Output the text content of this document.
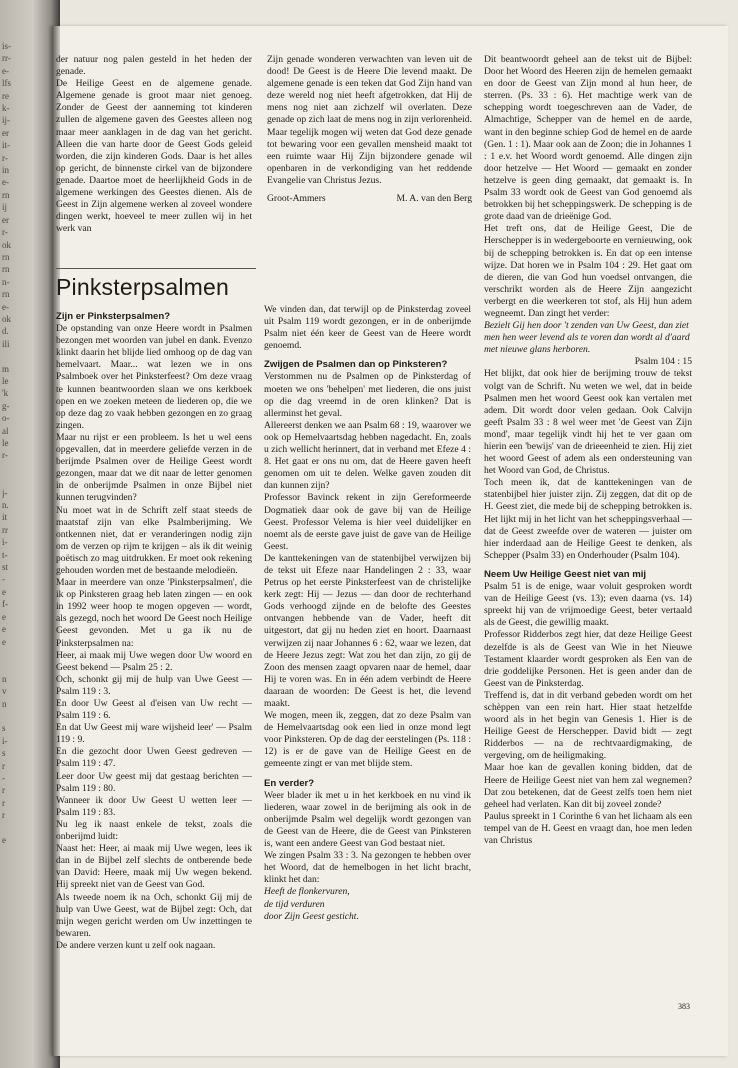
is-
rr-
e-
lfs
re
k-
ij-
er
it-
r-
in
e-
rn
ij
er
r-
ok
rn
rn
n-
rn
e-
ok
d.
ili

m
le
'k
g-
o-
al
le
r-

j-
n.
it
rr
i-
t-
st
-
e
f-
e
e
e

n
v
n

s
i-
s
r
-
r
r
r

e

der natuur nog palen gesteld in het heden der genade.

De Heilige Geest en de algemene genade. Algemene genade is groot maar niet genoeg. Zonder de Geest der aanneming tot kinderen zullen de algemene gaven des Geestes alleen nog maar meer aanklagen in de dag van het gericht. Alleen die van harte door de Geest Gods geleid worden, die zijn kinderen Gods. Daar is het alles op gericht, de binnenste cirkel van de bijzondere genade. Daartoe moet de heerlijkheid Gods in de algemene werkingen des Geestes dienen. Als de Geest in Zijn algemene werken al zoveel wondere dingen werkt, hoeveel te meer zullen wij in het werk van

Zijn genade wonderen verwachten van leven uit de dood! De Geest is de Heere Die levend maakt. De algemene genade is een teken dat God Zijn hand van deze wereld nog niet heeft afgetrokken, dat Hij de mens nog niet aan zichzelf wil overlaten. Deze genade op zich laat de mens nog in zijn verlorenheid. Maar tegelijk mogen wij weten dat God deze genade tot bewaring voor een gevallen mensheid maakt tot een ruimte waar Hij Zijn bijzondere genade wil openbaren in de verkondiging van het reddende Evangelie van Christus Jezus.

Groot-Ammers	M. A. van den Berg
Pinksterpsalmen

Zijn er Pinksterpsalmen?

De opstanding van onze Heere wordt in Psalmen bezongen met woorden van jubel en dank. Evenzo klinkt daarin het blijde lied omhoog op de dag van hemelvaart. Maar... wat lezen we in ons Psalmboek over het Pinksterfeest? Om deze vraag te kunnen beantwoorden slaan we ons kerkboek open en we zoeken meteen de liederen op, die we op deze dag zo vaak hebben gezongen en zo graag zingen.

Maar nu rijst er een probleem. Is het u wel eens opgevallen, dat in meerdere geliefde verzen in de berijmde Psalmen over de Heilige Geest wordt gezongen, maar dat we dit naar de letter genomen in de onberijmde Psalmen in onze Bijbel niet kunnen terugvinden?

Nu moet wat in de Schrift zelf staat steeds de maatstaf zijn van elke Psalmberijming. We ontkennen niet, dat er veranderingen nodig zijn om de verzen op rijm te krijgen – als ik dit weinig poëtisch zo mag uitdrukken. Er moet ook rekening gehouden worden met de bestaande melodieën.

Maar in meerdere van onze 'Pinksterpsalmen', die ik op Pinksteren graag heb laten zingen — en ook in 1992 weer hoop te mogen opgeven — wordt, als gezegd, noch het woord De Geest noch Heilige Geest gevonden. Met u ga ik nu de Pinksterpsalmen na:

Heer, ai maak mij Uwe wegen door Uw woord en Geest bekend — Psalm 25 : 2.

Och, schonkt gij mij de hulp van Uwe Geest — Psalm 119 : 3.

En door Uw Geest al d'eisen van Uw recht — Psalm 119 : 6.

En dat Uw Geest mij ware wijsheid leer' — Psalm 119 : 9.

En die gezocht door Uwen Geest gedreven — Psalm 119 : 47.

Leer door Uw geest mij dat gestaag berichten — Psalm 119 : 80.

Wanneer ik door Uw Geest U wetten leer — Psalm 119 : 83.

Nu leg ik naast enkele de tekst, zoals die onberijmd luidt:

Naast het: Heer, ai maak mij Uwe wegen, lees ik dan in de Bijbel zelf slechts de ontberende bede van David: Heere, maak mij Uw wegen bekend. Hij spreekt niet van de Geest van God.

Als tweede noem ik na Och, schonkt Gij mij de hulp van Uwe Geest, wat de Bijbel zegt: Och, dat mijn wegen gericht werden om Uw inzettingen te bewaren.

De andere verzen kunt u zelf ook nagaan.

We vinden dan, dat terwijl op de Pinksterdag zoveel uit Psalm 119 wordt gezongen, er in de onberijmde Psalm niet één keer de Geest van de Heere wordt genoemd.

Zwijgen de Psalmen dan op Pinksteren?

Verstommen nu de Psalmen op de Pinksterdag of moeten we ons 'behelpen' met liederen, die ons juist op die dag vreemd in de oren klinken? Dat is allerminst het geval.

Allereerst denken we aan Psalm 68 : 19, waarover we ook op Hemelvaartsdag hebben nagedacht. En, zoals u zich wellicht herinnert, dat in verband met Efeze 4 : 8. Het gaat er ons nu om, dat de Heere gaven heeft genomen om uit te delen. Welke gaven zouden dit dan kunnen zijn?

Professor Bavinck rekent in zijn Gereformeerde Dogmatiek daar ook de gave bij van de Heilige Geest. Professor Velema is hier veel duidelijker en noemt als de eerste gave juist de gave van de Heilige Geest.

De kanttekeningen van de statenbijbel verwijzen bij de tekst uit Efeze naar Handelingen 2 : 33, waar Petrus op het eerste Pinksterfeest van de christelijke kerk zegt: Hij — Jezus — dan door de rechterhand Gods verhoogd zijnde en de belofte des Geestes ontvangen hebbende van de Vader, heeft dit uitgestort, dat gij nu heden ziet en hoort. Daarnaast verwijzen zij naar Johannes 6 : 62, waar we lezen, dat de Heere Jezus zegt: Wat zou het dan zijn, zo gij de Zoon des mensen zaagt opvaren naar de hemel, daar Hij te voren was. En in één adem verbindt de Heere daaraan de woorden: De Geest is het, die levend maakt.

We mogen, meen ik, zeggen, dat zo deze Psalm van de Hemelvaartsdag ook een lied in onze mond legt voor Pinksteren. Op de dag der eerstelingen (Ps. 118 : 12) is er de gave van de Heilige Geest en de gemeente zingt er van met blijde stem.

En verder?

Weer blader ik met u in het kerkboek en nu vind ik liederen, waar zowel in de berijming als ook in de onberijmde Psalm wel degelijk wordt gezongen van de Geest van de Heere, die de Geest van Pinksteren is, want een andere Geest van God bestaat niet.

We zingen Psalm 33 : 3. Na gezongen te hebben over het Woord, dat de hemelbogen in het licht bracht, klinkt het dan:

Heeft de flonkervuren,
de tijd verduren
door Zijn Geest gesticht.

Dit beantwoordt geheel aan de tekst uit de Bijbel: Door het Woord des Heeren zijn de hemelen gemaakt en door de Geest van Zijn mond al hun heer, de sterren. (Ps. 33 : 6). Het machtige werk van de schepping wordt toegeschreven aan de Vader, de Almachtige, Schepper van de hemel en de aarde, want in den beginne schiep God de hemel en de aarde (Gen. 1 : 1). Maar ook aan de Zoon; die in Johannes 1 : 1 e.v. het Woord wordt genoemd. Alle dingen zijn door hetzelve — Het Woord — gemaakt en zonder hetzelve is geen ding gemaakt, dat gemaakt is. In Psalm 33 wordt ook de Geest van God genoemd als betrokken bij het scheppingswerk. De schepping is de grote daad van de drieënige God.

Het treft ons, dat de Heilige Geest, Die de Herschepper is in wedergeboorte en vernieuwing, ook bij de schepping betrokken is. En dat op een intense wijze. Dat horen we in Psalm 104 : 29. Het gaat om de dieren, die van God hun voedsel ontvangen, die verschrikt worden als de Heere Zijn aangezicht verbergt en die weerkeren tot stof, als Hij hun adem wegneemt. Dan zingt het verder:

Bezielt Gij hen door 't zenden van Uw Geest, dan ziet men hen weer levend als te voren dan wordt al d'aard met nieuwe glans herboren.

Psalm 104 : 15

Het blijkt, dat ook hier de berijming trouw de tekst volgt van de Schrift. Nu weten we wel, dat in beide Psalmen men het woord Geest ook kan vertalen met adem. Dit wordt door velen gedaan. Ook Calvijn geeft Psalm 33 : 8 wel weer met 'de Geest van Zijn mond', maar tegelijk vindt hij het te ver gaan om hierin een 'bewijs' van de drieeenheid te zien. Hij ziet het woord Geest of adem als een ondersteuning van het Woord van God, de Christus.

Toch meen ik, dat de kanttekeningen van de statenbijbel hier juister zijn. Zij zeggen, dat dit op de H. Geest ziet, die mede bij de schepping betrokken is. Het lijkt mij in het licht van het scheppingsverhaal — dat de Geest zweefde over de wateren — juister om hier inderdaad aan de Heilige Geest te denken, als Schepper (Psalm 33) en Onderhouder (Psalm 104).

Neem Uw Heilige Geest niet van mij

Psalm 51 is de enige, waar voluit gesproken wordt van de Heilige Geest (vs. 13); even daarna (vs. 14) spreekt hij van de vrijmoedige Geest, beter vertaald als de Geest, die gewillig maakt.

Professor Ridderbos zegt hier, dat deze Heilige Geest dezelfde is als de Geest van Wie in het Nieuwe Testament klaarder wordt gesproken als Een van de drie goddelijke Personen. Het is geen ander dan de Geest van de Pinksterdag.

Treffend is, dat in dit verband gebeden wordt om het schèppen van een rein hart. Hier staat hetzelfde woord als in het begin van Genesis 1. Hier is de Heilige Geest de Herschepper. David bidt — zegt Ridderbos — na de rechtvaardigmaking, de vergeving, om de heiligmaking.

Maar hoe kan de gevallen koning bidden, dat de Heere de Heilige Geest niet van hem zal wegnemen? Dat zou betekenen, dat de Geest zelfs toen hem niet geheel had verlaten. Kan dit bij zoveel zonde?

Paulus spreekt in 1 Corinthe 6 van het lichaam als een tempel van de H. Geest en vraagt dan, hoe men leden van Christus

383
